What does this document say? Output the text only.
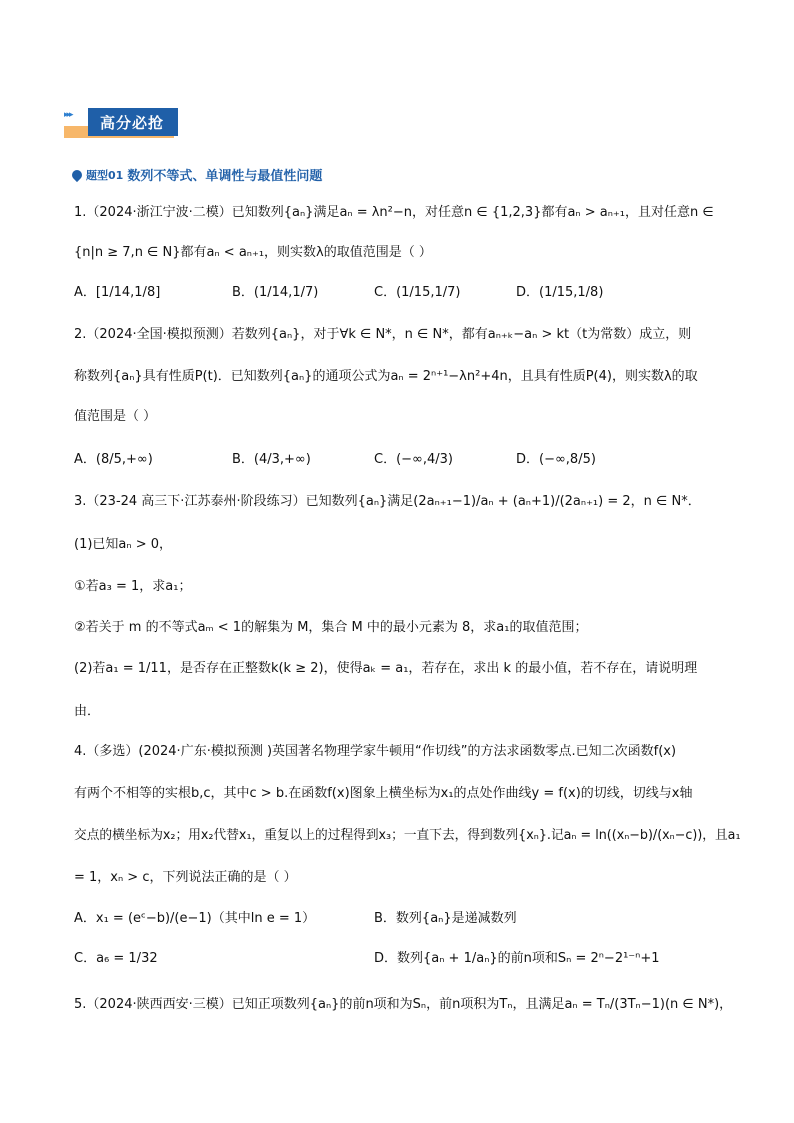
▸▸▸ 高分必抢
题型01 数列不等式、单调性与最值性问题
1.（2024·浙江宁波·二模）已知数列{aₙ}满足aₙ = λn²−n，对任意n ∈ {1,2,3}都有aₙ > aₙ₊₁，且对任意n ∈
{n|n ≥ 7,n ∈ N}都有aₙ < aₙ₊₁，则实数λ的取值范围是（ ）
A．[1/14,1/8]	B．(1/14,1/7)	C．(1/15,1/7)	D．(1/15,1/8)
2.（2024·全国·模拟预测）若数列{aₙ}，对于∀k ∈ N*，n ∈ N*，都有aₙ₊ₖ−aₙ > kt（t为常数）成立，则
称数列{aₙ}具有性质P(t)．已知数列{aₙ}的通项公式为aₙ = 2ⁿ⁺¹−λn²+4n，且具有性质P(4)，则实数λ的取
值范围是（ ）
A．(8/5,+∞)	B．(4/3,+∞)	C．(−∞,4/3)	D．(−∞,8/5)
3.（23-24 高三下·江苏泰州·阶段练习）已知数列{aₙ}满足(2aₙ₊₁−1)/aₙ + (aₙ+1)/(2aₙ₊₁) = 2，n ∈ N*．
(1)已知aₙ > 0，
①若a₃ = 1，求a₁；
②若关于 m 的不等式aₘ < 1的解集为 M，集合 M 中的最小元素为 8，求a₁的取值范围；
(2)若a₁ = 1/11，是否存在正整数k(k ≥ 2)，使得aₖ = a₁，若存在，求出 k 的最小值，若不存在，请说明理
由．
4.（多选）(2024·广东·模拟预测 )英国著名物理学家牛顿用“作切线”的方法求函数零点.已知二次函数f(x)
有两个不相等的实根b,c，其中c > b.在函数f(x)图象上横坐标为x₁的点处作曲线y = f(x)的切线，切线与x轴
交点的横坐标为x₂；用x₂代替x₁，重复以上的过程得到x₃；一直下去，得到数列{xₙ}.记aₙ = ln((xₙ−b)/(xₙ−c))，且a₁
= 1，xₙ > c，下列说法正确的是（ ）
A．x₁ = (eᶜ−b)/(e−1)（其中ln e = 1）	B．数列{aₙ}是递减数列
C．a₆ = 1/32	D．数列{aₙ + 1/aₙ}的前n项和Sₙ = 2ⁿ−2¹⁻ⁿ+1
5.（2024·陕西西安·三模）已知正项数列{aₙ}的前n项和为Sₙ，前n项积为Tₙ，且满足aₙ = Tₙ/(3Tₙ−1)(n ∈ N*)，
